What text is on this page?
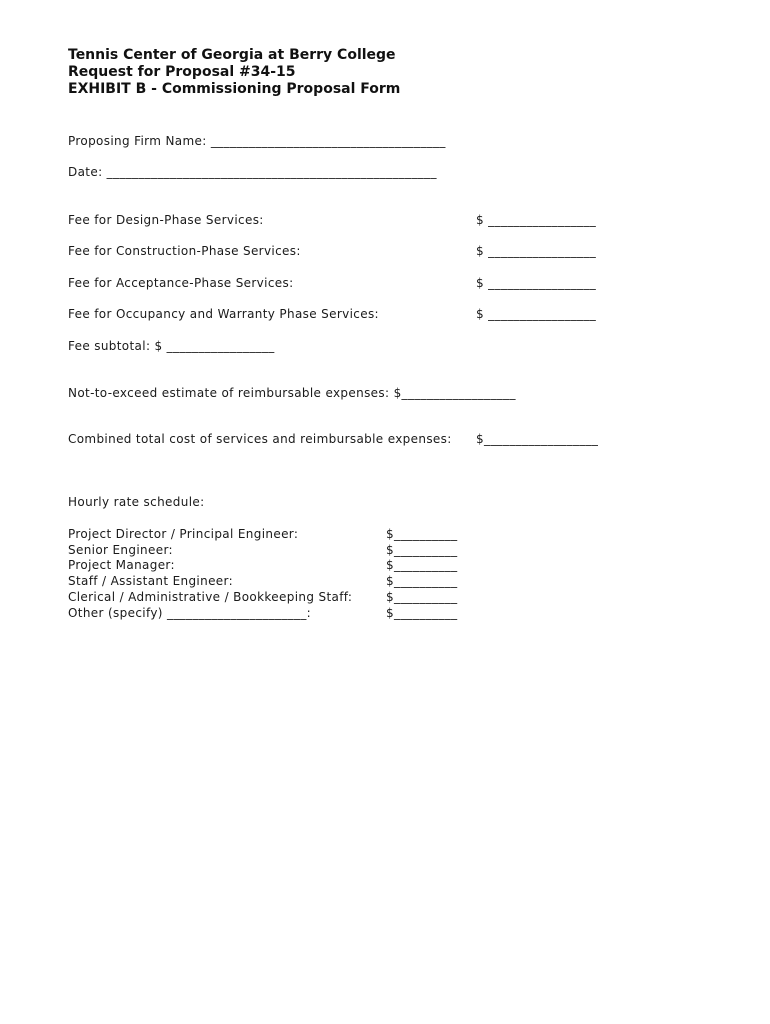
Tennis Center of Georgia at Berry College
Request for Proposal #34-15
EXHIBIT B - Commissioning Proposal Form
Proposing Firm Name: _____________________________________
Date: ____________________________________________________
Fee for Design-Phase Services:	$ _________________
Fee for Construction-Phase Services:	$ _________________
Fee for Acceptance-Phase Services:	$ _________________
Fee for Occupancy and Warranty Phase Services:	$ _________________
Fee subtotal: $ _________________
Not-to-exceed estimate of reimbursable expenses: $__________________
Combined total cost of services and reimbursable expenses: $__________________
Hourly rate schedule:
Project Director / Principal Engineer:	$__________
Senior Engineer:	$__________
Project Manager:	$__________
Staff / Assistant Engineer:	$__________
Clerical / Administrative / Bookkeeping Staff:	$__________
Other (specify) ______________________:	$__________
